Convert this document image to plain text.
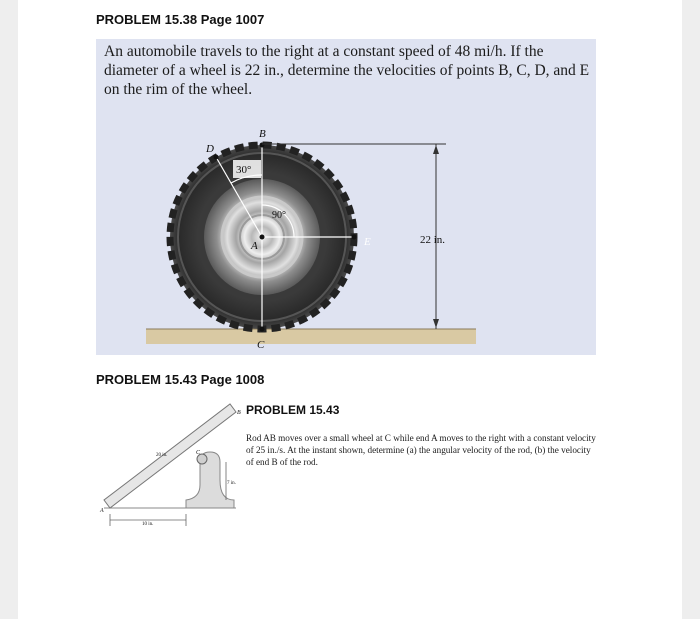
PROBLEM 15.38 Page 1007

An automobile travels to the right at a constant speed of 48 mi/h. If the diameter of a wheel is 22 in., determine the velocities of points B, C, D, and E on the rim of the wheel.

B
D
E
A
C
30°
90°
22 in.
PROBLEM 15.43 Page 1008
B
C
A
20 in.
7 in.
10 in.
PROBLEM 15.43

Rod AB moves over a small wheel at C while end A moves to the right with a constant velocity of 25 in./s. At the instant shown, determine (a) the angular velocity of the rod, (b) the velocity of end B of the rod.
